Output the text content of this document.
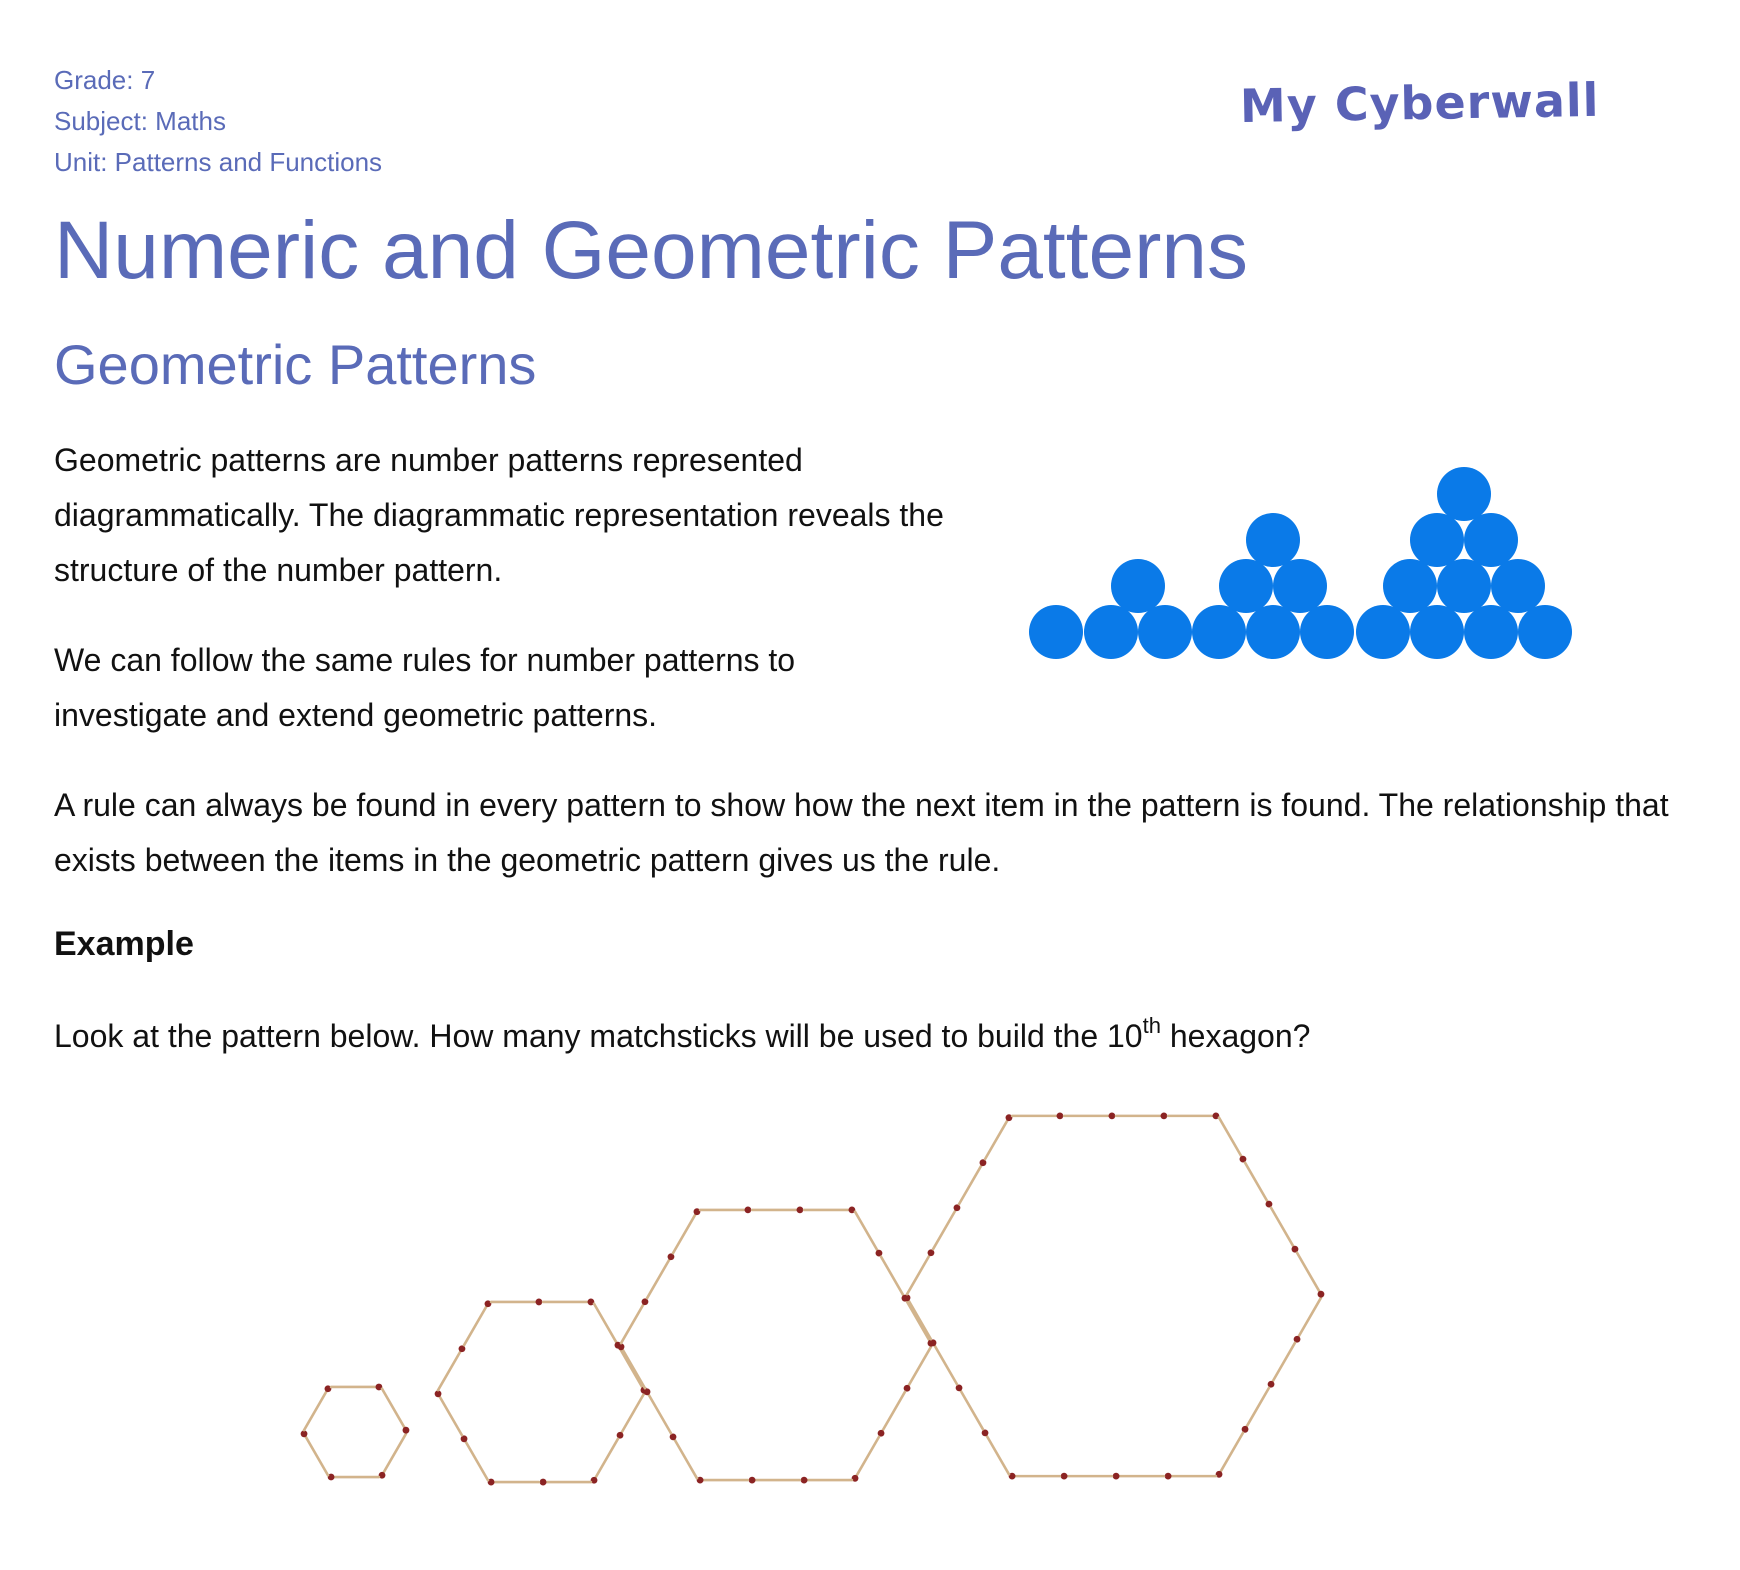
Grade: 7
Subject: Maths
Unit: Patterns and Functions
My Cyberwall
Numeric and Geometric Patterns
Geometric Patterns

Geometric patterns are number patterns represented diagrammatically. The diagrammatic representation reveals the structure of the number pattern.

We can follow the same rules for number patterns to investigate and extend geometric patterns.

A rule can always be found in every pattern to show how the next item in the pattern is found. The relationship that exists between the items in the geometric pattern gives us the rule.

Example

Look at the pattern below. How many matchsticks will be used to build the 10th hexagon?
